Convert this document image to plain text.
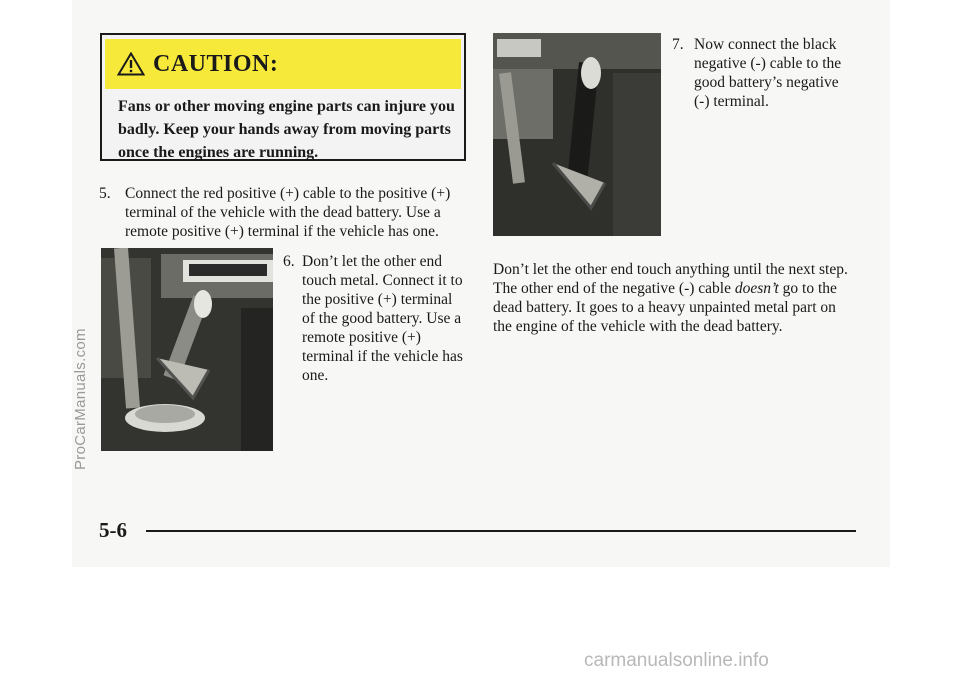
CAUTION:
Fans or other moving engine parts can injure you badly. Keep your hands away from moving parts once the engines are running.
5. Connect the red positive (+) cable to the positive (+) terminal of the vehicle with the dead battery. Use a remote positive (+) terminal if the vehicle has one.
6. Don’t let the other end touch metal. Connect it to the positive (+) terminal of the good battery. Use a remote positive (+) terminal if the vehicle has one.
7. Now connect the black negative (-) cable to the good battery’s negative (-) terminal.

Don’t let the other end touch anything until the next step. The other end of the negative (-) cable doesn’t go to the dead battery. It goes to a heavy unpainted metal part on the engine of the vehicle with the dead battery.

5-6
ProCarManuals.com
carmanualsonline.info
